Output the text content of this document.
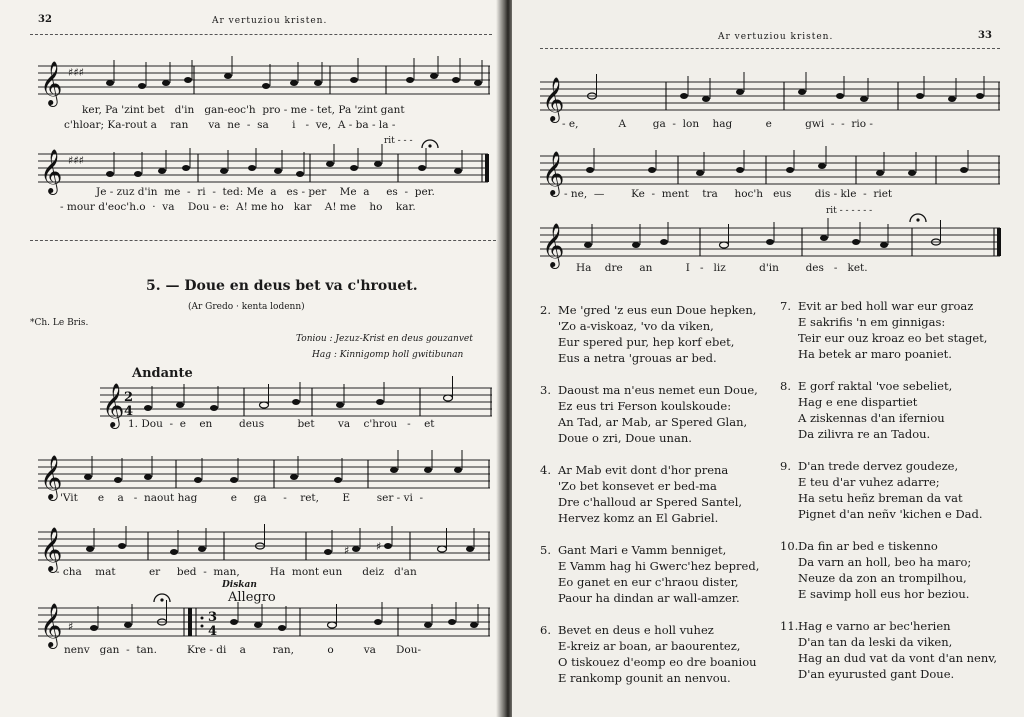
32	Ar vertuziou kristen.
𝄞 ♯♯♯
ker, Pa 'zint bet   d'in   gan-eoc'h  pro - me - tet, Pa 'zint gant
c'hloar; Ka-rout a    ran      va  ne  -  sa       i   -  ve,  A - ba - la -
rit - - -
𝄞 ♯♯♯
Je - zuz d'in  me  -  ri  -  ted: Me  a   es - per    Me  a     es  -  per.
- mour d'eoc'h.o  ·  va    Dou - e:  A! me ho   kar    A! me    ho    kar.
5. — Doue en deus bet va c'hrouet.
(Ar Gredo · kenta lodenn)
*Ch. Le Bris.
Toniou : Jezuz-Krist en deus gouzanvet
Hag : Kinnigomp holl gwitibunan
Andante
𝄞 2
4
1. Dou  -  e    en        deus          bet       va    c'hrou   -    et
𝄞
'Vit      e    a   -  naout hag          e     ga     -    ret,       E        ser - vi  -
𝄞	♯ ♯
- cha    mat          er     bed  -  man,         Ha  mont eun      deiz   d'an
Diskan
Allegro
𝄞 ♯
3
4
nenv   gan  -  tan.         Kre - di    a        ran,          o         va      Dou-
Ar vertuziou kristen.	33
𝄞
- e,            A        ga  -  lon    hag          e          gwi  -  -  rio -
𝄞 - ne,  —        Ke  -  ment    tra     hoc'h   eus       dis - kle  -  riet
rit - - - - - -
𝄞
Ha    dre     an          I   -   liz          d'in        des   -   ket.
2. Me 'gred 'z eus eun Doue hepken,
'Zo a-viskoaz, 'vo da viken,
Eur spered pur, hep korf ebet,
Eus a netra 'grouas ar bed.
3. Daoust ma n'eus nemet eun Doue,
Ez eus tri Ferson koulskoude:
An Tad, ar Mab, ar Spered Glan,
Doue o zri, Doue unan.
4. Ar Mab evit dont d'hor prena
'Zo bet konsevet er bed-ma
Dre c'halloud ar Spered Santel,
Hervez komz an El Gabriel.
5. Gant Mari e Vamm benniget,
E Vamm hag hi Gwerc'hez bepred,
Eo ganet en eur c'hraou dister,
Paour ha dindan ar wall-amzer.
6. Bevet en deus e holl vuhez
E-kreiz ar boan, ar baourentez,
O tiskouez d'eomp eo dre boaniou
E rankomp gounit an nenvou.
7. Evit ar bed holl war eur groaz
E sakrifis 'n em ginnigas:
Teir eur ouz kroaz eo bet staget,
Ha betek ar maro poaniet.
8. E gorf raktal 'voe sebeliet,
Hag e ene dispartiet
A ziskennas d'an iferniou
Da zilivra re an Tadou.
9. D'an trede dervez goudeze,
E teu d'ar vuhez adarre;
Ha setu heñz breman da vat
Pignet d'an neñv 'kichen e Dad.
10. Da fin ar bed e tiskenno
Da varn an holl, beo ha maro;
Neuze da zon an trompilhou,
E savimp holl eus hor beziou.
11. Hag e varno ar bec'herien
D'an tan da leski da viken,
Hag an dud vat da vont d'an nenv,
D'an eyurusted gant Doue.
